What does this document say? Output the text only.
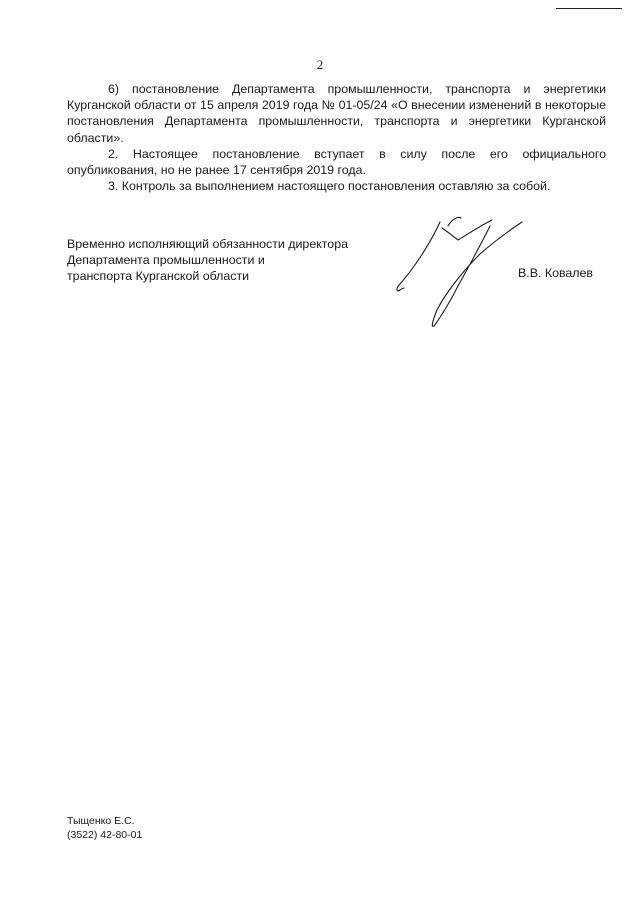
2

6) постановление Департамента промышленности, транспорта и энергетики Курганской области от 15 апреля 2019 года № 01-05/24 «О внесении изменений в некоторые постановления Департамента промышленности, транспорта и энергетики Курганской области».

2. Настоящее постановление вступает в силу после его официального опубликования, но не ранее 17 сентября 2019 года.

3. Контроль за выполнением настоящего постановления оставляю за собой.

Временно исполняющий обязанности директора
Департамента промышленности и
транспорта Курганской области	В.В. Ковалев
Тыщенко Е.С.
(3522) 42-80-01
